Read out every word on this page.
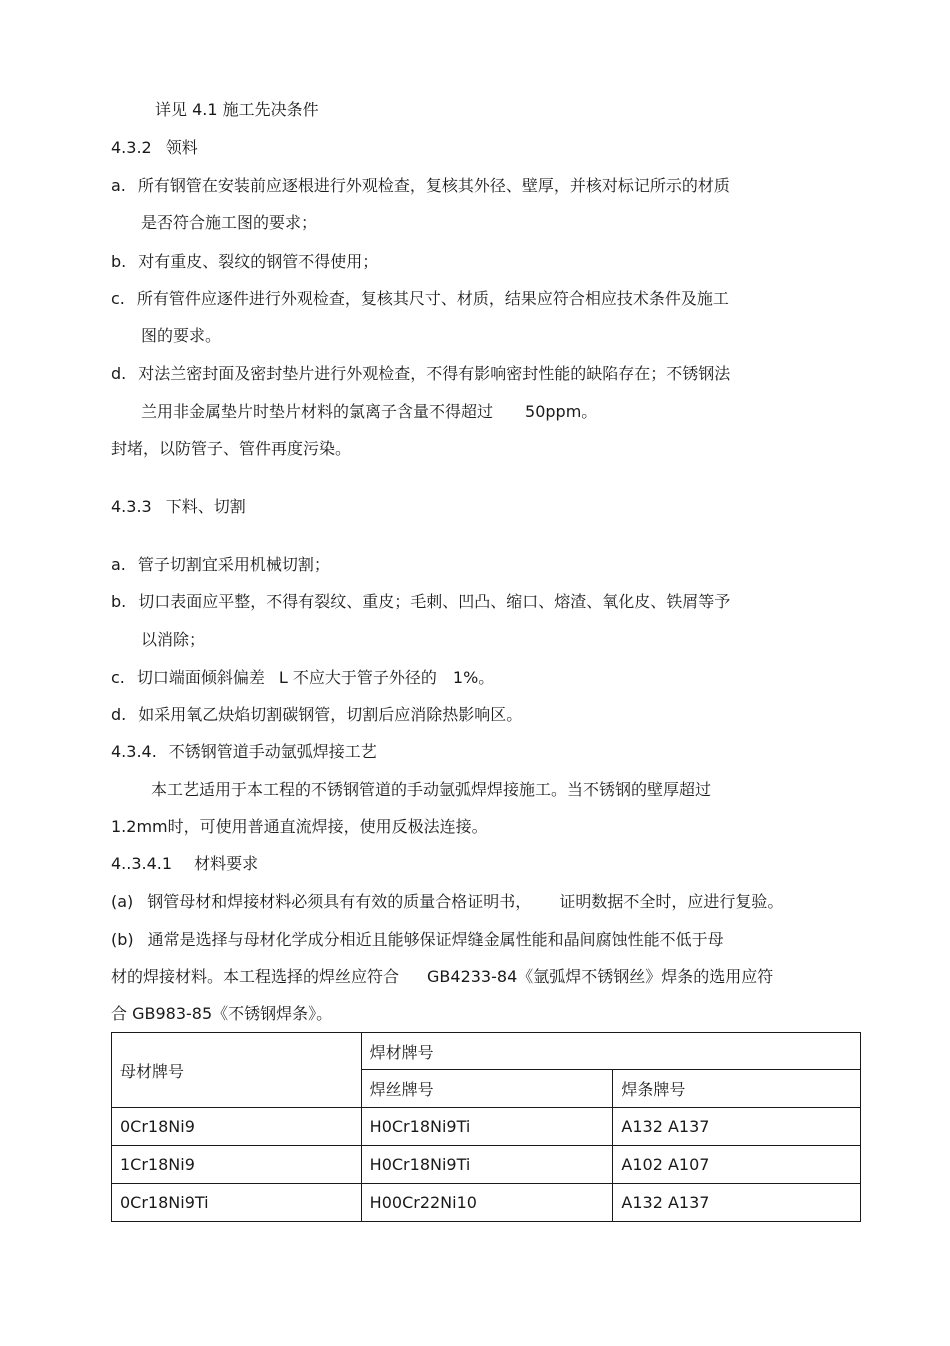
详见 4.1 施工先决条件
4.3.2 领料
a. 所有钢管在安装前应逐根进行外观检查，复核其外径、壁厚，并核对标记所示的材质
是否符合施工图的要求；
b. 对有重皮、裂纹的钢管不得使用；
c. 所有管件应逐件进行外观检查，复核其尺寸、材质，结果应符合相应技术条件及施工
图的要求。
d. 对法兰密封面及密封垫片进行外观检查，不得有影响密封性能的缺陷存在；不锈钢法
兰用非金属垫片时垫片材料的氯离子含量不得超过 50ppm。
封堵，以防管子、管件再度污染。
4.3.3 下料、切割
a. 管子切割宜采用机械切割；
b. 切口表面应平整，不得有裂纹、重皮；毛刺、凹凸、缩口、熔渣、氧化皮、铁屑等予
以消除；
c. 切口端面倾斜偏差 L 不应大于管子外径的 1%。
d. 如采用氧乙炔焰切割碳钢管，切割后应消除热影响区。
4.3.4. 不锈钢管道手动氩弧焊接工艺
本工艺适用于本工程的不锈钢管道的手动氩弧焊焊接施工。当不锈钢的壁厚超过
1.2mm时，可使用普通直流焊接，使用反极法连接。
4..3.4.1 材料要求
(a) 钢管母材和焊接材料必须具有有效的质量合格证明书， 证明数据不全时，应进行复验。
(b) 通常是选择与母材化学成分相近且能够保证焊缝金属性能和晶间腐蚀性能不低于母
材的焊接材料。本工程选择的焊丝应符合 GB4233-84《氩弧焊不锈钢丝》焊条的选用应符
合 GB983-85《不锈钢焊条》。
母材牌号	焊材牌号	
	焊丝牌号	焊条牌号
0Cr18Ni9	H0Cr18Ni9Ti	A132 A137
1Cr18Ni9	H0Cr18Ni9Ti	A102 A107
0Cr18Ni9Ti	H00Cr22Ni10	A132 A137
